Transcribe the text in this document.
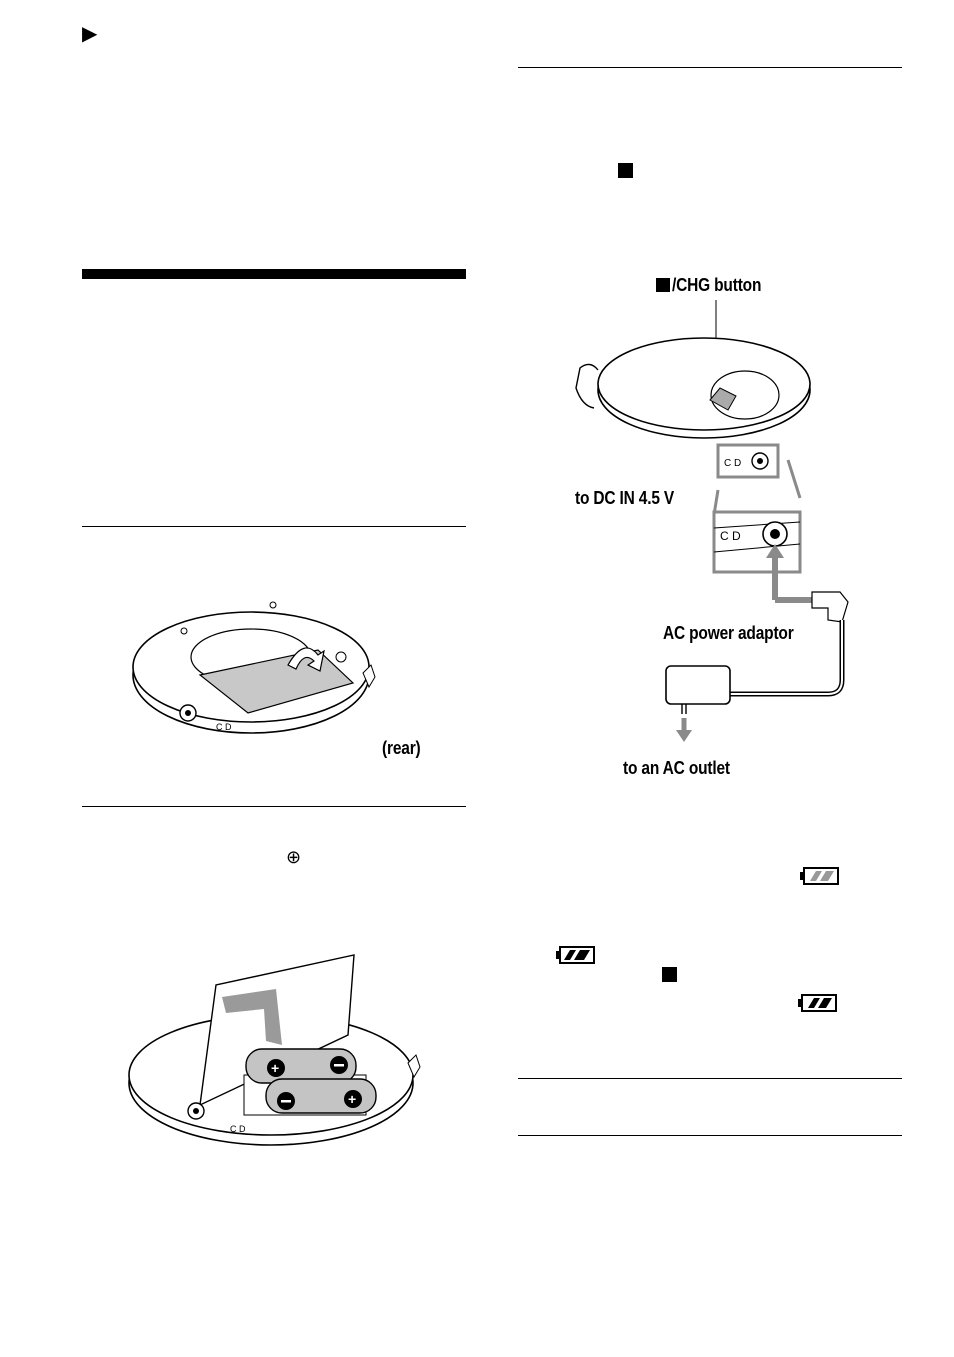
▶
C D
(rear)
⊕
+
+
C D
/CHG button
C D
C D
to DC IN 4.5 V
AC power adaptor
to an AC outlet
